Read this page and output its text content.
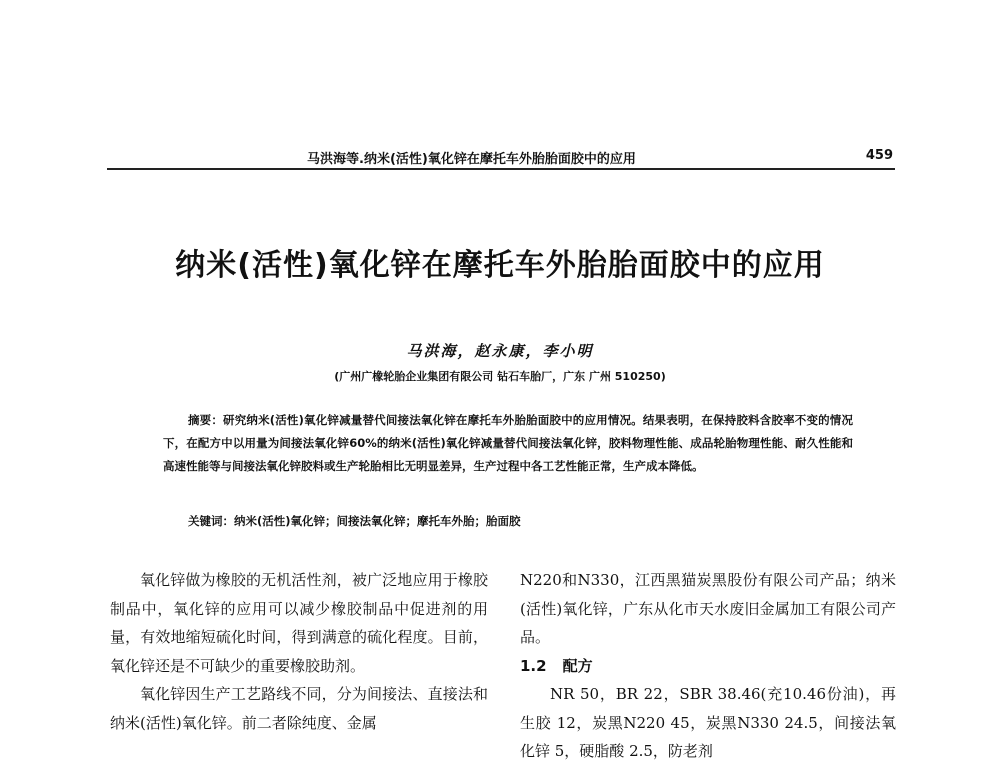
马洪海等.纳米(活性)氧化锌在摩托车外胎胎面胶中的应用	459
纳米(活性)氧化锌在摩托车外胎胎面胶中的应用
马洪海，赵永康，李小明
(广州广橡轮胎企业集团有限公司 钻石车胎厂，广东 广州 510250)

摘要：研究纳米(活性)氧化锌减量替代间接法氧化锌在摩托车外胎胎面胶中的应用情况。结果表明，在保持胶料含胶率不变的情况下，在配方中以用量为间接法氧化锌60%的纳米(活性)氧化锌减量替代间接法氧化锌，胶料物理性能、成品轮胎物理性能、耐久性能和高速性能等与间接法氧化锌胶料或生产轮胎相比无明显差异，生产过程中各工艺性能正常，生产成本降低。

关键词：纳米(活性)氧化锌；间接法氧化锌；摩托车外胎；胎面胶

氧化锌做为橡胶的无机活性剂，被广泛地应用于橡胶制品中，氧化锌的应用可以减少橡胶制品中促进剂的用量，有效地缩短硫化时间，得到满意的硫化程度。目前，氧化锌还是不可缺少的重要橡胶助剂。

氧化锌因生产工艺路线不同，分为间接法、直接法和纳米(活性)氧化锌。前二者除纯度、金属

N220和N330，江西黑猫炭黑股份有限公司产品；纳米(活性)氧化锌，广东从化市天水废旧金属加工有限公司产品。

1.2 配方

NR 50，BR 22，SBR 38.46(充10.46份油)，再生胶 12，炭黑N220 45，炭黑N330 24.5，间接法氧化锌 5，硬脂酸 2.5，防老剂
